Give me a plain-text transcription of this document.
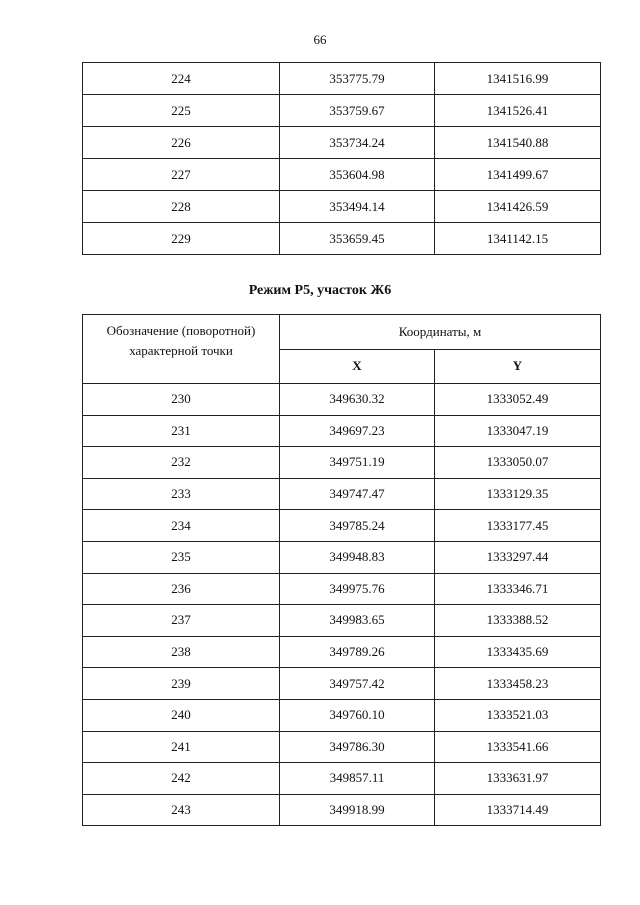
66
224	353775.79	1341516.99
225	353759.67	1341526.41
226	353734.24	1341540.88
227	353604.98	1341499.67
228	353494.14	1341426.59
229	353659.45	1341142.15
Режим Р5, участок Ж6
Обозначение (поворотной) характерной точки	Координаты, м	
	X	Y
230	349630.32	1333052.49
231	349697.23	1333047.19
232	349751.19	1333050.07
233	349747.47	1333129.35
234	349785.24	1333177.45
235	349948.83	1333297.44
236	349975.76	1333346.71
237	349983.65	1333388.52
238	349789.26	1333435.69
239	349757.42	1333458.23
240	349760.10	1333521.03
241	349786.30	1333541.66
242	349857.11	1333631.97
243	349918.99	1333714.49
